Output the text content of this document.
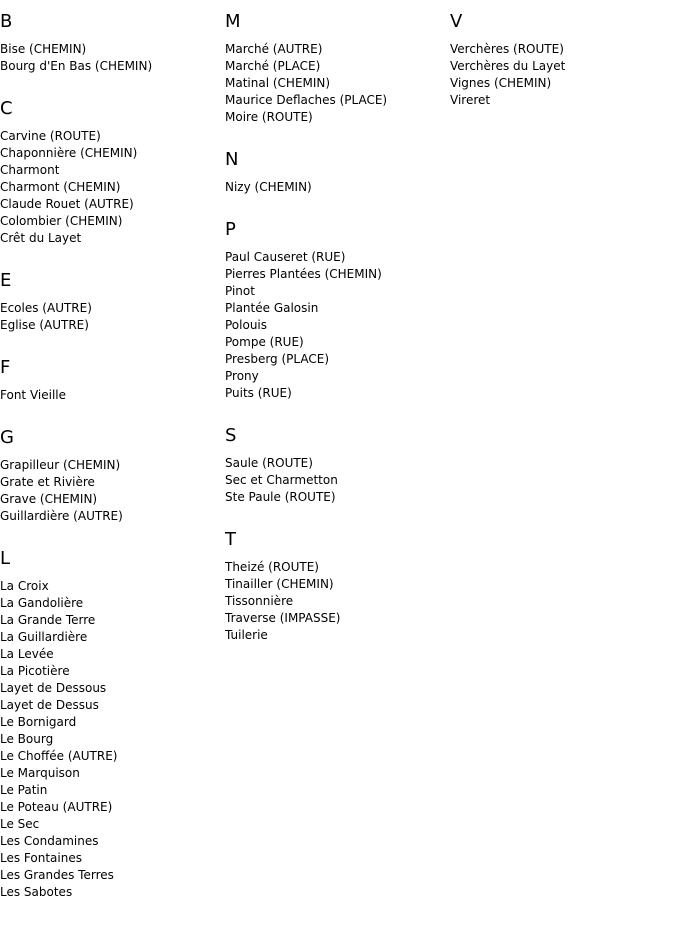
B
Bise (CHEMIN)
Bourg d'En Bas (CHEMIN)
C
Carvine (ROUTE)
Chaponnière (CHEMIN)
Charmont
Charmont (CHEMIN)
Claude Rouet (AUTRE)
Colombier (CHEMIN)
Crêt du Layet
E
Ecoles (AUTRE)
Eglise (AUTRE)
F
Font Vieille
G
Grapilleur (CHEMIN)
Grate et Rivière
Grave (CHEMIN)
Guillardière (AUTRE)
L
La Croix
La Gandolière
La Grande Terre
La Guillardière
La Levée
La Picotière
Layet de Dessous
Layet de Dessus
Le Bornigard
Le Bourg
Le Choffée (AUTRE)
Le Marquison
Le Patin
Le Poteau (AUTRE)
Le Sec
Les Condamines
Les Fontaines
Les Grandes Terres
Les Sabotes
M
Marché (AUTRE)
Marché (PLACE)
Matinal (CHEMIN)
Maurice Deflaches (PLACE)
Moire (ROUTE)
N
Nizy (CHEMIN)
P
Paul Causeret (RUE)
Pierres Plantées (CHEMIN)
Pinot
Plantée Galosin
Polouis
Pompe (RUE)
Presberg (PLACE)
Prony
Puits (RUE)
S
Saule (ROUTE)
Sec et Charmetton
Ste Paule (ROUTE)
T
Theizé (ROUTE)
Tinailler (CHEMIN)
Tissonnière
Traverse (IMPASSE)
Tuilerie
V
Verchères (ROUTE)
Verchères du Layet
Vignes (CHEMIN)
Vireret
